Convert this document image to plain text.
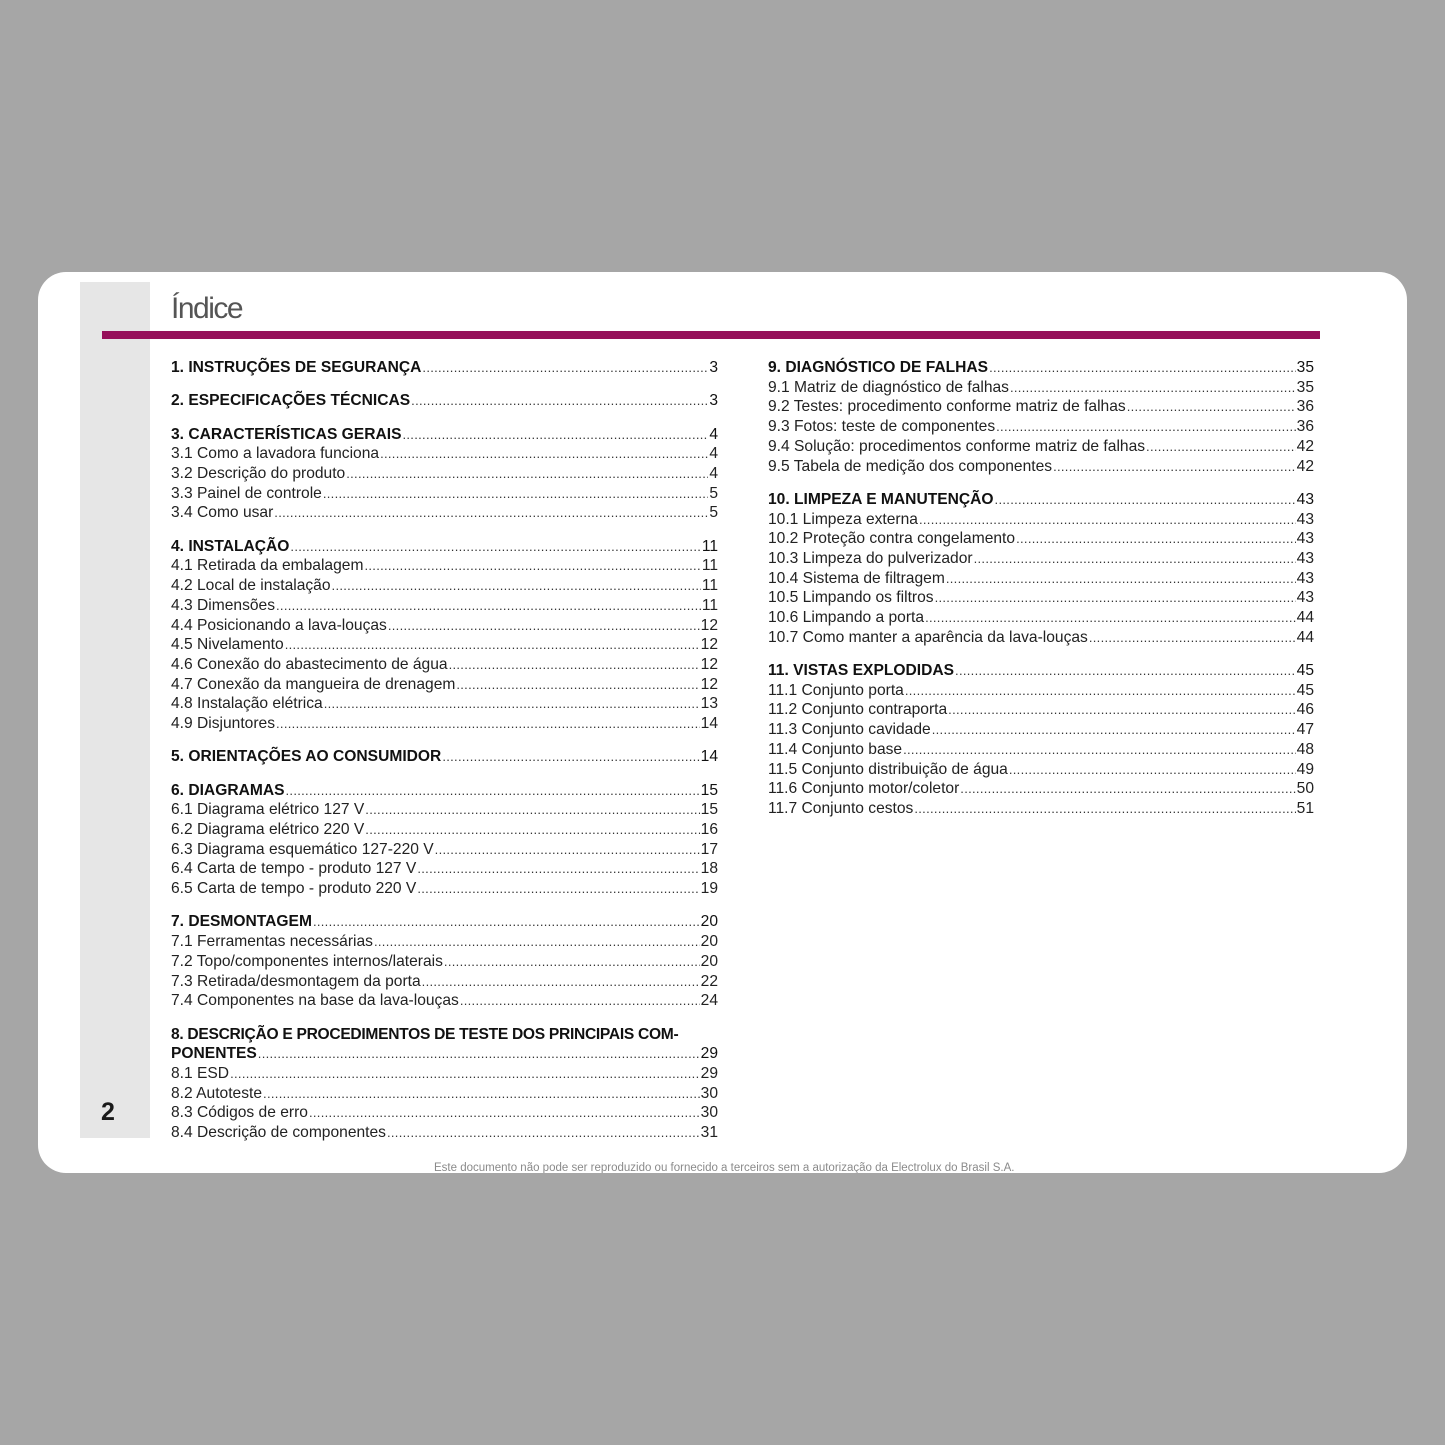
2
Índice
1. INSTRUÇÕES DE SEGURANÇA .....	3
2. ESPECIFICAÇÕES TÉCNICAS .....	3
3. CARACTERÍSTICAS GERAIS .....	4
3.1 Como a lavadora funciona .....	4
3.2 Descrição do produto .....	4
3.3 Painel de controle .....	5
3.4 Como usar .....	5
4. INSTALAÇÃO .....	11
4.1 Retirada da embalagem .....	11
4.2 Local de instalação .....	11
4.3 Dimensões .....	11
4.4 Posicionando a lava-louças .....	12
4.5 Nivelamento .....	12
4.6 Conexão do abastecimento de água .....	12
4.7 Conexão da mangueira de drenagem .....	12
4.8 Instalação elétrica .....	13
4.9 Disjuntores .....	14
5. ORIENTAÇÕES AO CONSUMIDOR .....	14
6. DIAGRAMAS .....	15
6.1 Diagrama elétrico 127 V .....	15
6.2 Diagrama elétrico 220 V .....	16
6.3 Diagrama esquemático 127-220 V .....	17
6.4 Carta de tempo - produto 127 V .....	18
6.5 Carta de tempo - produto 220 V .....	19
7. DESMONTAGEM .....	20
7.1 Ferramentas necessárias .....	20
7.2 Topo/componentes internos/laterais .....	20
7.3 Retirada/desmontagem da porta .....	22
7.4 Componentes na base da lava-louças .....	24
8. DESCRIÇÃO E PROCEDIMENTOS DE TESTE DOS PRINCIPAIS COM-
PONENTES .....	29
8.1 ESD .....	29
8.2 Autoteste .....	30
8.3 Códigos de erro .....	30
8.4 Descrição de componentes .....	31
9. DIAGNÓSTICO DE FALHAS .....	35
9.1 Matriz de diagnóstico de falhas .....	35
9.2 Testes: procedimento conforme matriz de falhas .....	36
9.3 Fotos: teste de componentes .....	36
9.4 Solução: procedimentos conforme matriz de falhas .....	42
9.5 Tabela de medição dos componentes .....	42
10. LIMPEZA E MANUTENÇÃO .....	43
10.1 Limpeza externa .....	43
10.2 Proteção contra congelamento .....	43
10.3 Limpeza do pulverizador .....	43
10.4 Sistema de filtragem .....	43
10.5 Limpando os filtros .....	43
10.6 Limpando a porta .....	44
10.7 Como manter a aparência da lava-louças .....	44
11. VISTAS EXPLODIDAS .....	45
11.1 Conjunto porta .....	45
11.2 Conjunto contraporta .....	46
11.3 Conjunto cavidade .....	47
11.4 Conjunto base .....	48
11.5 Conjunto distribuição de água .....	49
11.6 Conjunto motor/coletor .....	50
11.7 Conjunto cestos .....	51
Este documento não pode ser reproduzido ou fornecido a terceiros sem a autorização da Electrolux do Brasil S.A.
